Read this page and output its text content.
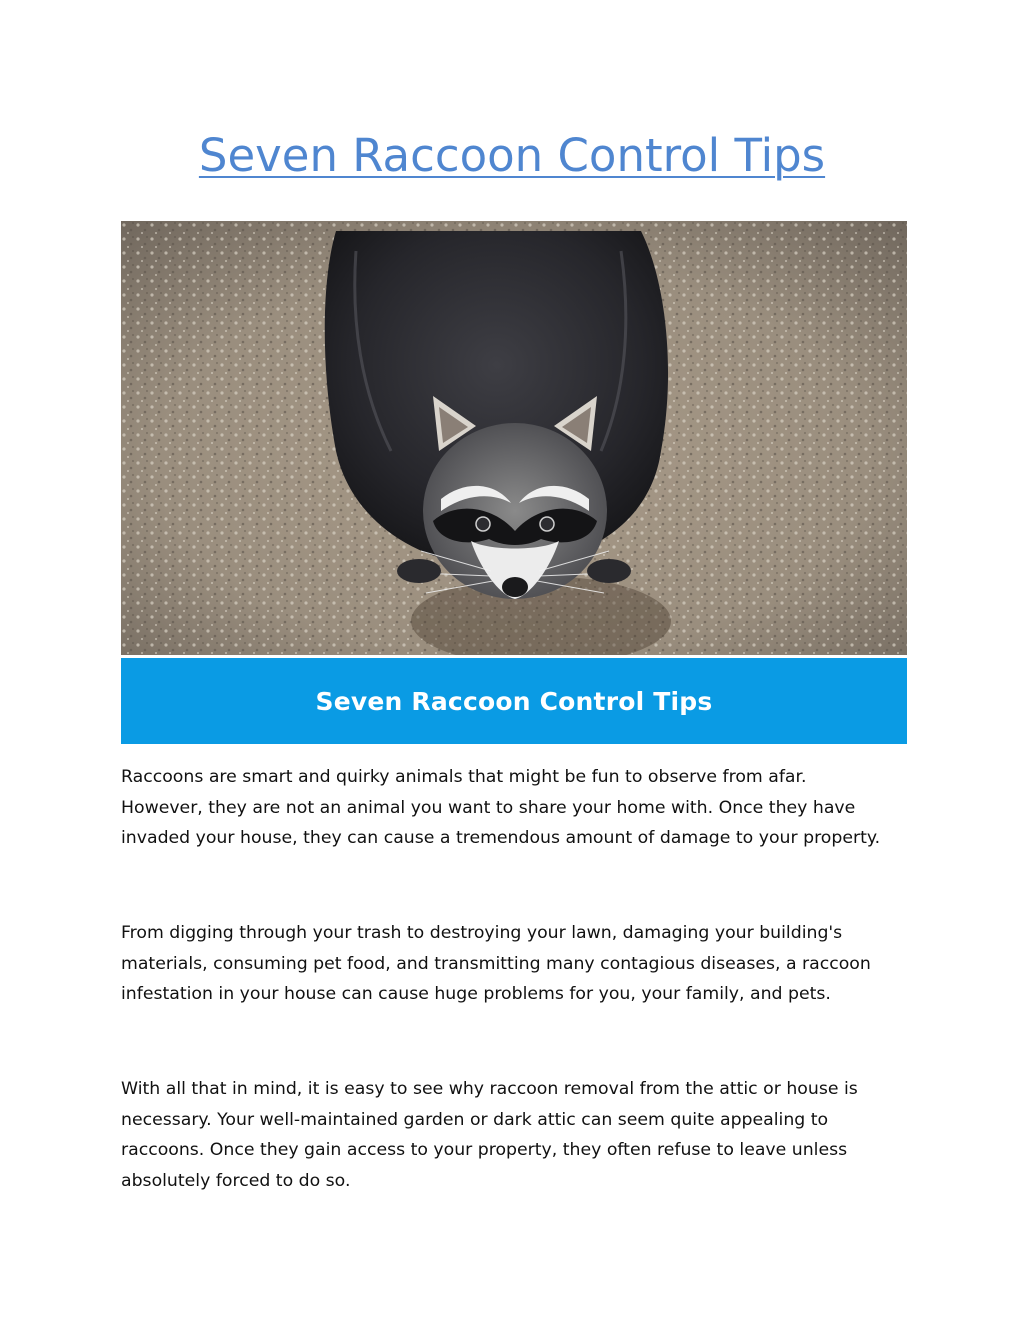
Seven Raccoon Control Tips
Seven Raccoon Control Tips

Raccoons are smart and quirky animals that might be fun to observe from afar.
However, they are not an animal you want to share your home with. Once they have
invaded your house, they can cause a tremendous amount of damage to your property.

From digging through your trash to destroying your lawn, damaging your building's
materials, consuming pet food, and transmitting many contagious diseases, a raccoon
infestation in your house can cause huge problems for you, your family, and pets.

With all that in mind, it is easy to see why raccoon removal from the attic or house is
necessary. Your well-maintained garden or dark attic can seem quite appealing to
raccoons. Once they gain access to your property, they often refuse to leave unless
absolutely forced to do so.
